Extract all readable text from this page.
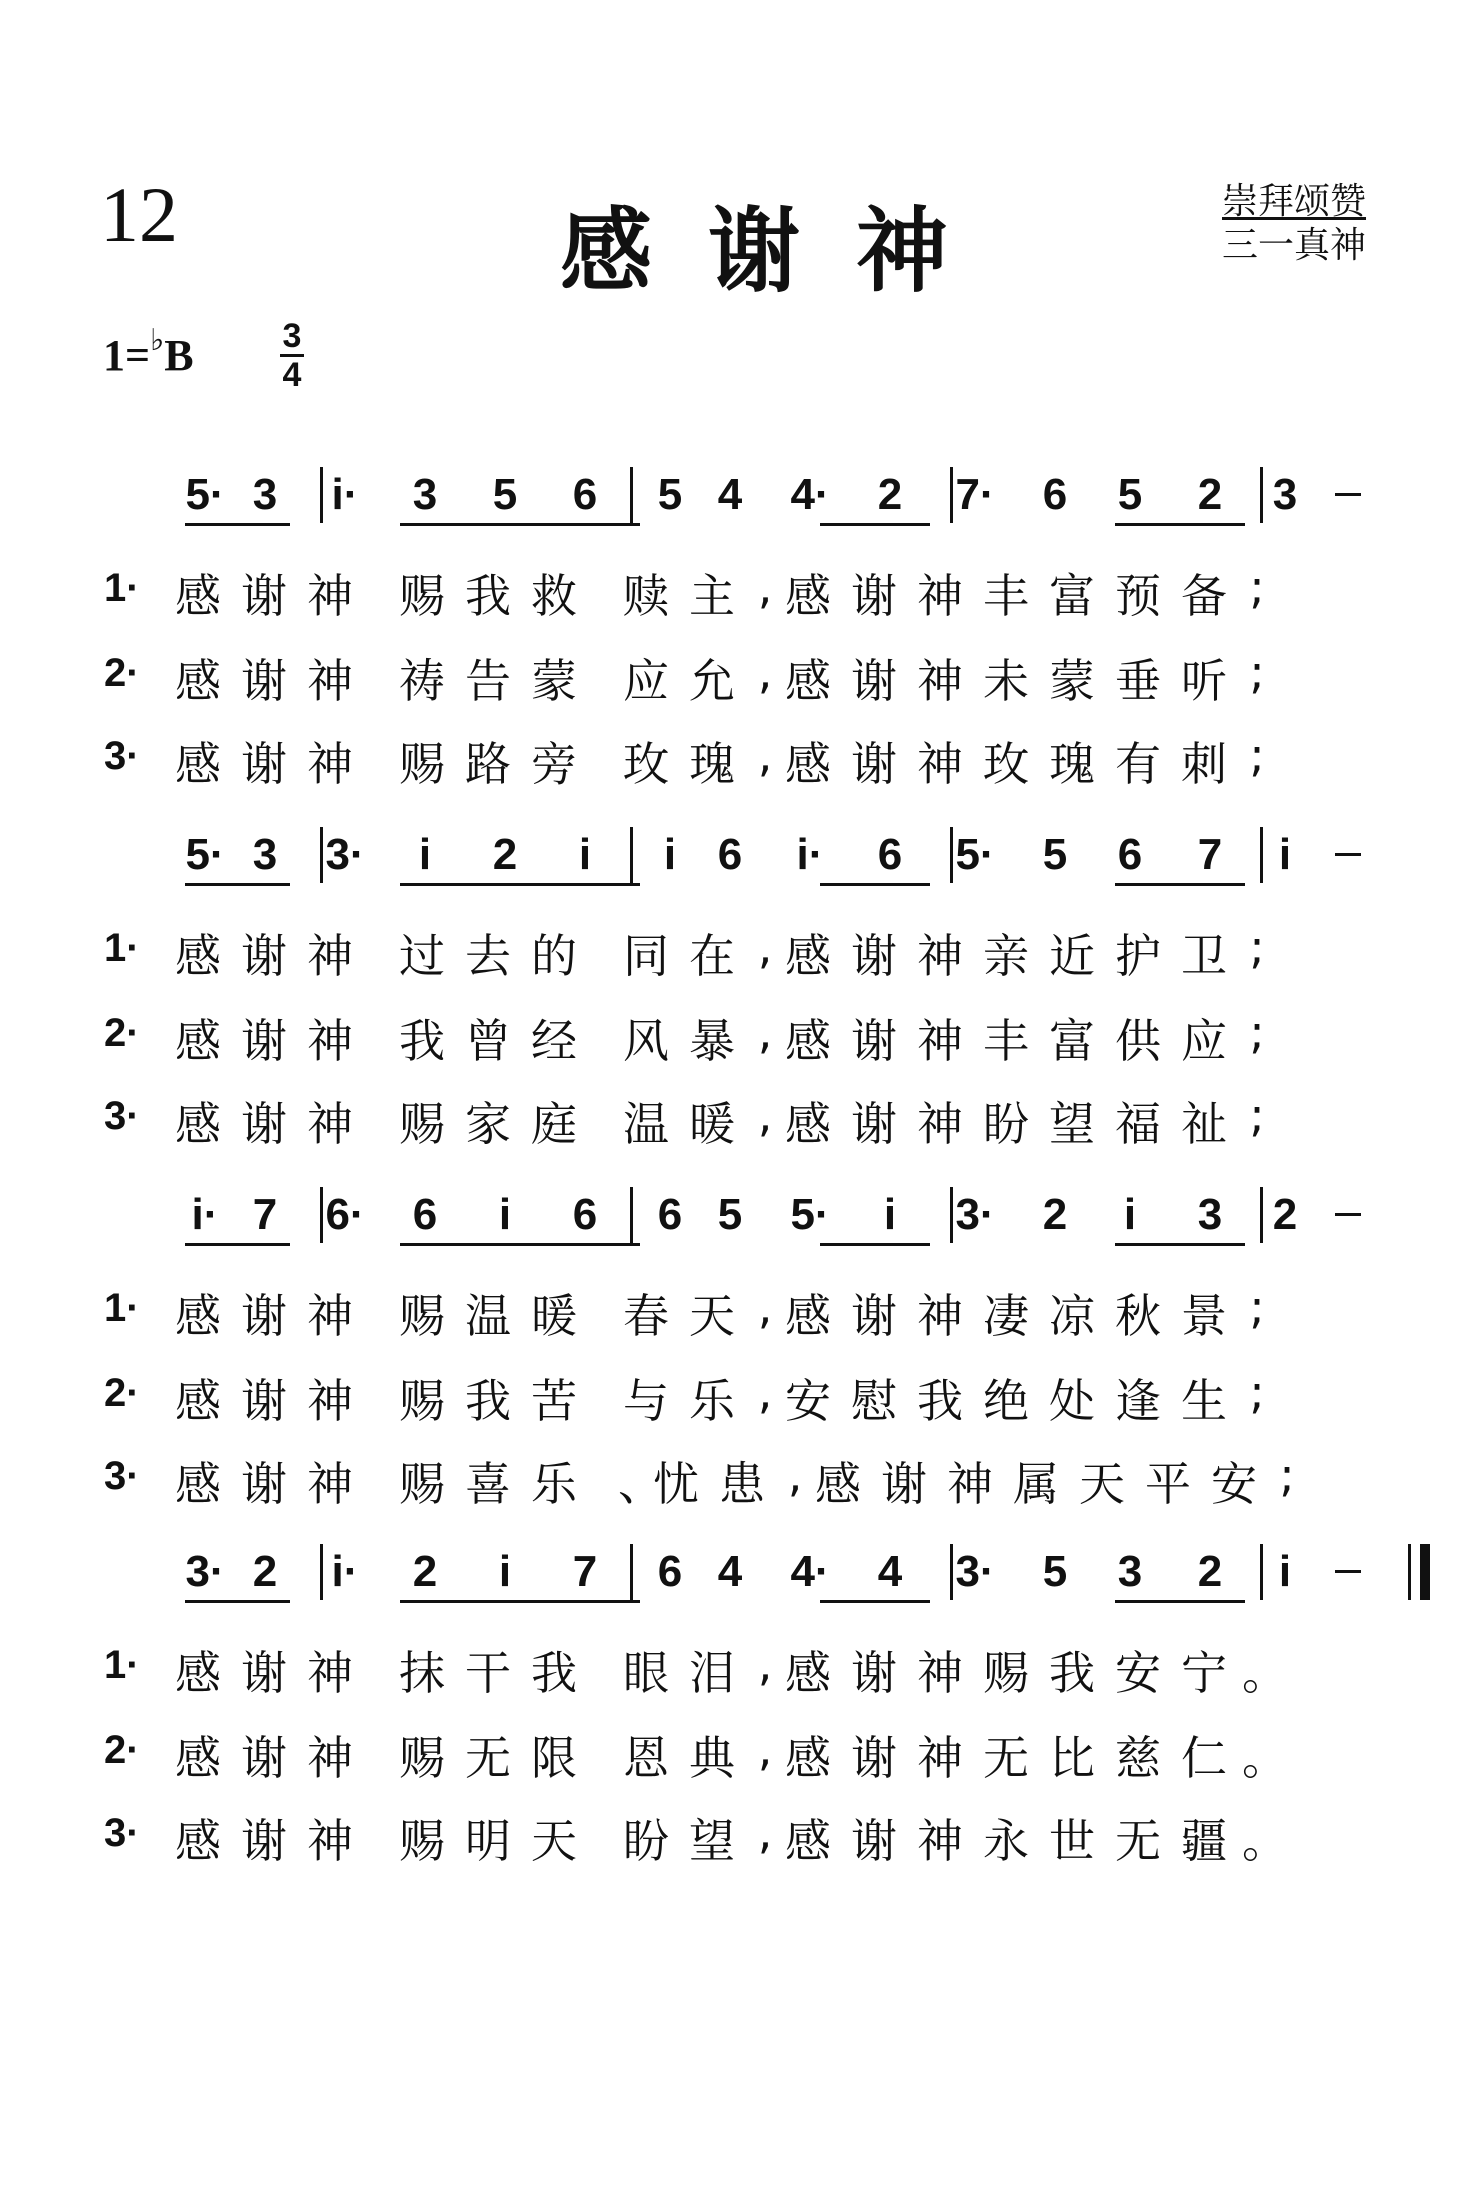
12	感谢神	崇拜颂赞
三一真神
1=♭B	3
4
5· 3	i·	3	5	6	5 4	4·	2	7·	6	5	2	3
1· 感 谢 神 赐 我 救 赎 主 , 感 谢 神 丰 富 预 备 ;
2· 感 谢 神 祷 告 蒙 应 允 , 感 谢 神 未 蒙 垂 听 ;
3· 感 谢 神 赐 路 旁 玫 瑰 , 感 谢 神 玫 瑰 有 刺 ;
5· 3	3·	i	2	i	i 6	i·	6	5·	5	6	7	i
1· 感 谢 神 过 去 的 同 在 , 感 谢 神 亲 近 护 卫 ;
2· 感 谢 神 我 曾 经 风 暴 , 感 谢 神 丰 富 供 应 ;
3· 感 谢 神 赐 家 庭 温 暖 , 感 谢 神 盼 望 福 祉 ;
i· 7	6·	6	i	6	6 5	5·	i	3·	2	i	3	2
1· 感 谢 神 赐 温 暖 春 天 , 感 谢 神 凄 凉 秋 景 ;
2· 感 谢 神 赐 我 苦 与 乐 , 安 慰 我 绝 处 逢 生 ;
3· 感 谢 神 赐 喜 乐 、
忧 患 , 感 谢 神 属 天 平 安 ;
3· 2	i·	2	i	7	6 4	4·	4	3·	5	3	2	i
1· 感 谢 神 抹 干 我 眼 泪 , 感 谢 神 赐 我 安 宁 。
2· 感 谢 神 赐 无 限 恩 典 , 感 谢 神 无 比 慈 仁 。
3· 感 谢 神 赐 明 天 盼 望 , 感 谢 神 永 世 无 疆 。
